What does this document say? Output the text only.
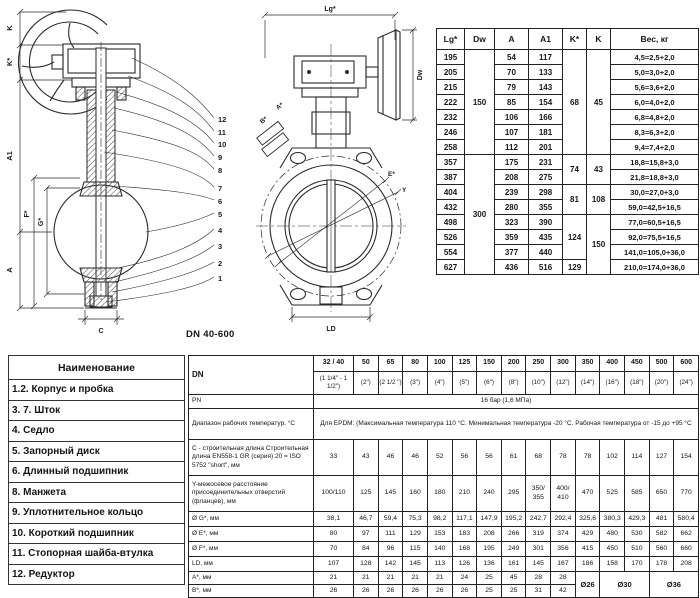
K
K*
A1
F*
G*
A
C
12
11
10
9
8
7
6
5
4
3
2
1
Lg*
Dw
A*
B*
E*
Y
LD
DN 40-600
Lg*	Dw	A	A1	K*	K	Вес, кг
195	150	54	117	68	45	4,5=2,5+2,0
205		70	133			5,0=3,0+2,0
215		79	143			5,6=3,6+2,0
222		85	154			6,0=4,0+2,0
232		106	166			6,8=4,8+2,0
246		107	181			8,3=6,3+2,0
258		112	201			9,4=7,4+2,0
357	300	175	231	74	43	18,8=15,8+3,0
387		208	275			21,8=18,8+3,0
404		239	298	81	108	30,0=27,0+3,0
432		280	355			59,0=42,5+16,5
498		323	390	124	150	77,0=60,5+16,5
526		359	435			92,0=75,5+16,5
554		377	440			141,0=105,0+36,0
627		436	516	129		210,0=174,0+36,0
Наименование
1.2. Корпус и пробка
3. 7. Шток
4. Седло
5. Запорный диск
6. Длинный подшипник
8. Манжета
9. Уплотнительное кольцо
10. Короткий подшипник
11. Стопорная шайба-втулка
12. Редуктор
DN	32 / 40	50	65	80	100	125	150	200	250	300	350	400	450	500	600
	(1 1/4" - 1 1/2")	(2")	(2 1/2 ")	(3")	(4")	(5")	(6")	(8")	(10")	(12")	(14")	(16")	(18")	(20")	(24")
PN	16 бар (1,6 МПа)														
Диапазон рабочих температур, °C	Для EPDM: (Максимальная температура 110 °C. Минимальная температура -20 °C. Рабочая температура от -15 до +95 °C														
С - строительная длина Строительная длина EN558-1 GR (серия) 20 = ISO 5752 "short", мм	33	43	46	46	52	56	56	61	68	78	78	102	114	127	154
Y-межосевое расстояние присоединительных отверстий (фланцев), мм	100/110	125	145	160	180	210	240	295	350/ 355	400/ 410	470	525	585	650	770
Ø G*, мм	38,1	46,7	59,4	75,3	98,2	117,1	147,9	195,2	242,7	292,4	325,6	380,3	429,3	481	580,4
Ø E*, мм	80	97	111	129	153	183	208	266	319	374	429	480	530	582	662
Ø F*, мм	70	84	96	115	140	168	195	249	301	356	415	450	510	560	660
LD, мм	107	128	142	145	113	126	136	161	145	167	186	158	170	178	208
A*, мм	21	21	21	21	21	24	25	45	28	28	Ø26	Ø30		Ø36	
B*, мм	26	26	26	26	26	26	25	25	31	42					
